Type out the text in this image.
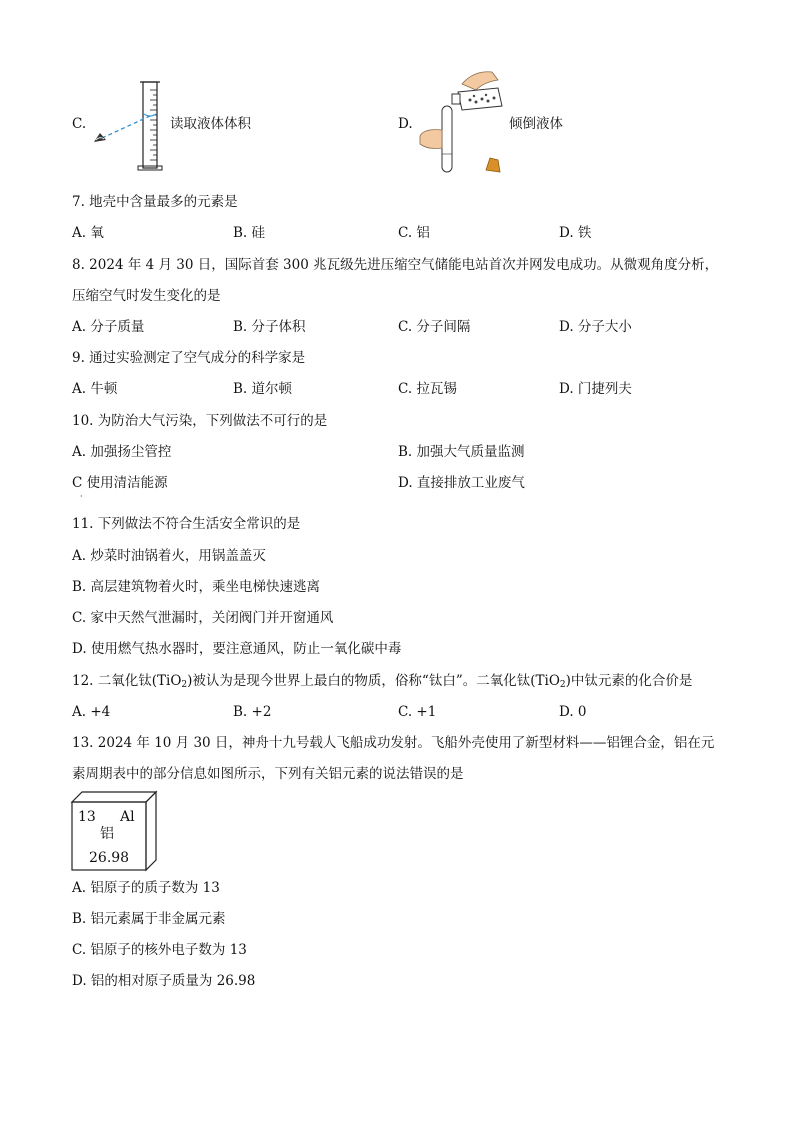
C.	读取液体体积	D.	倾倒液体
7. 地壳中含量最多的元素是
A. 氧	B. 硅	C. 铝	D. 铁
8. 2024 年 4 月 30 日，国际首套 300 兆瓦级先进压缩空气储能电站首次并网发电成功。从微观角度分析，
压缩空气时发生变化的是
A. 分子质量	B. 分子体积	C. 分子间隔	D. 分子大小
9. 通过实验测定了空气成分的科学家是
A. 牛顿	B. 道尔顿	C. 拉瓦锡	D. 门捷列夫
10. 为防治大气污染，下列做法不可行的是
A. 加强扬尘管控	B. 加强大气质量监测
C 使用清洁能源	D. 直接排放工业废气
·
11. 下列做法不符合生活安全常识的是
A. 炒菜时油锅着火，用锅盖盖灭
B. 高层建筑物着火时，乘坐电梯快速逃离
C. 家中天然气泄漏时，关闭阀门并开窗通风
D. 使用燃气热水器时，要注意通风，防止一氧化碳中毒
12. 二氧化钛(TiO$_2$)被认为是现今世界上最白的物质，俗称“钛白”。二氧化钛(TiO$_2$)中钛元素的化合价是
A. +4	B. +2	C. +1	D. 0
13. 2024 年 10 月 30 日，神舟十九号载人飞船成功发射。飞船外壳使用了新型材料——铝锂合金，铝在元
素周期表中的部分信息如图所示，下列有关铝元素的说法错误的是
13 Al
铝
26.98
A. 铝原子的质子数为 13
B. 铝元素属于非金属元素
C. 铝原子的核外电子数为 13
D. 铝的相对原子质量为 26.98
